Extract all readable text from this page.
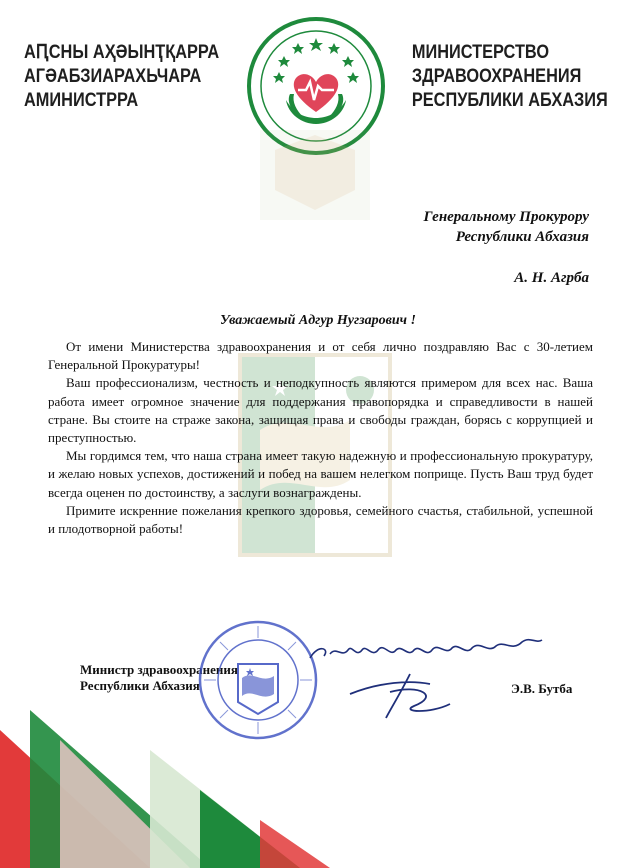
АԤСНЫ АҲӘЫНҬҚАРРА
АГӘАБЗИАРАХЬЧАРА
АМИНИСТРРА
МИНИСТЕРСТВО
ЗДРАВООХРАНЕНИЯ
РЕСПУБЛИКИ АБХАЗИЯ
Генеральному Прокурору
Республики Абхазия
А. Н. Агрба
Уважаемый Адгур Нугзарович !

От имени Министерства здравоохранения и от себя лично поздравляю Вас с 30-летием Генеральной Прокуратуры!

Ваш профессионализм, честность и неподкупность являются примером для всех нас. Ваша работа имеет огромное значение для поддержания правопорядка и справедливости в нашей стране. Вы стоите на страже закона, защищая права и свободы граждан, борясь с коррупцией и преступностью.

Мы гордимся тем, что наша страна имеет такую надежную и профессиональную прокуратуру, и желаю новых успехов, достижений и побед на вашем нелегком поприще. Пусть Ваш труд будет всегда оценен по достоинству, а заслуги вознаграждены.

Примите искренние пожелания крепкого здоровья, семейного счастья, стабильной, успешной и плодотворной работы!

Министр здравоохранения
Республики Абхазия	Э.В. Бутба
